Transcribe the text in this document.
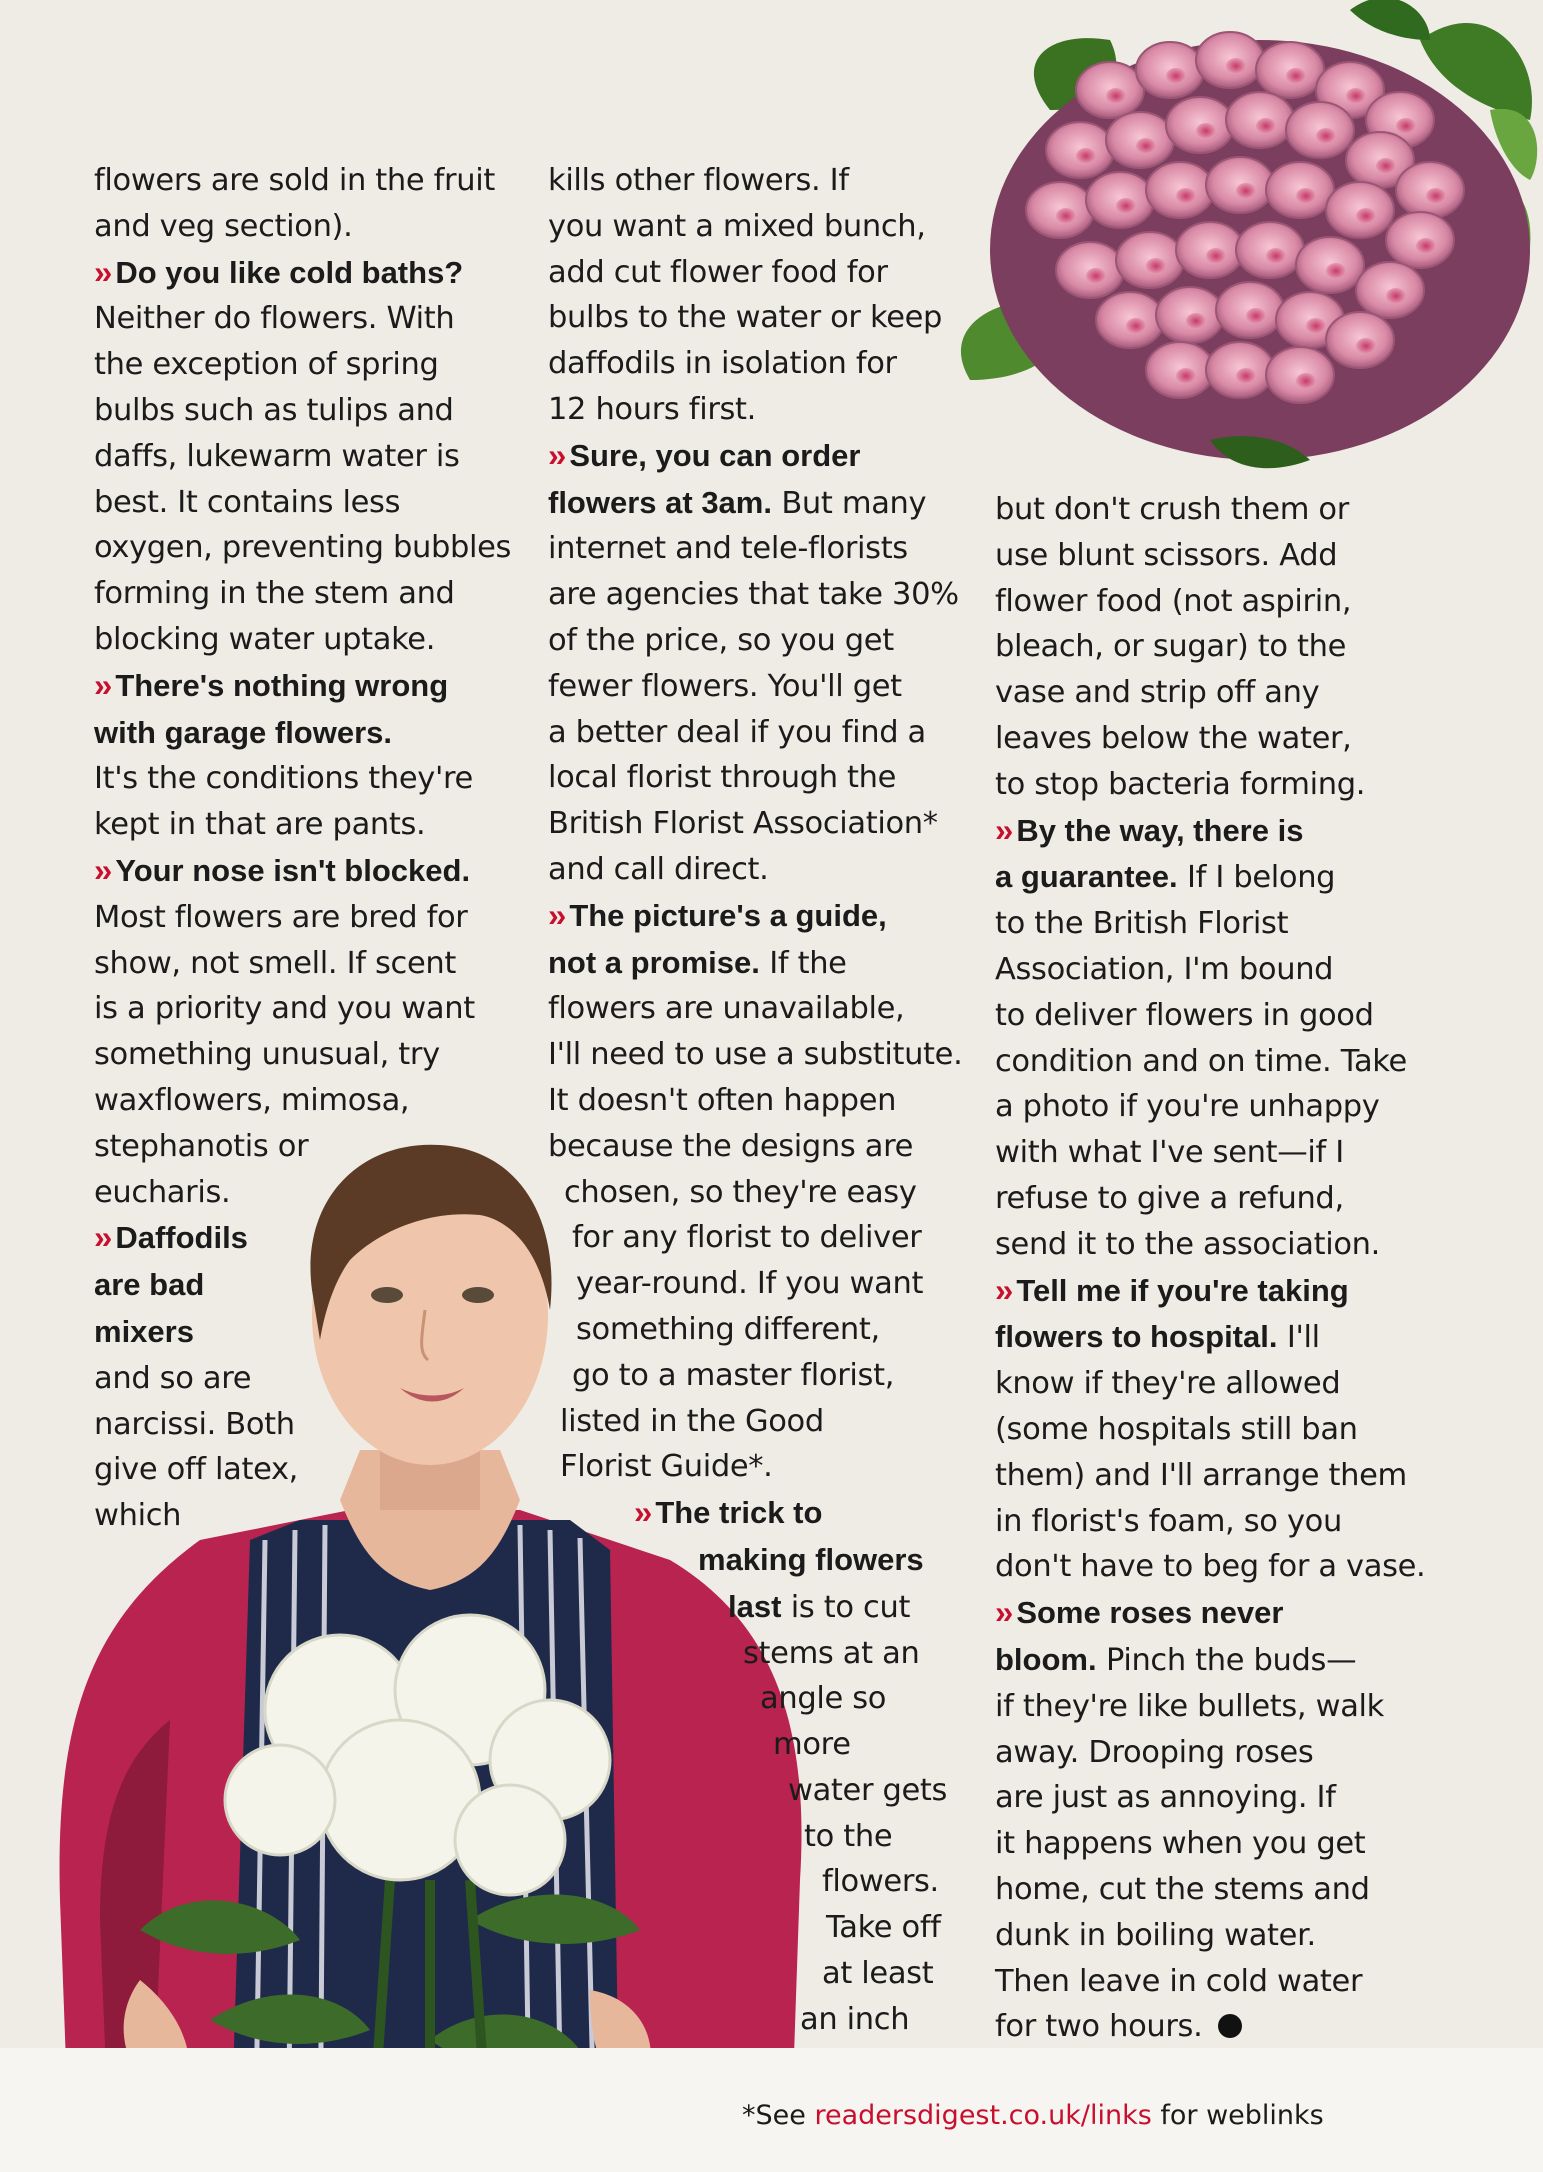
flowers are sold in the fruit
and veg section).
›› Do you like cold baths?
Neither do flowers. With
the exception of spring
bulbs such as tulips and
daffs, lukewarm water is
best. It contains less
oxygen, preventing bubbles
forming in the stem and
blocking water uptake.
›› There's nothing wrong
with garage flowers.
It's the conditions they're
kept in that are pants.
›› Your nose isn't blocked.
Most flowers are bred for
show, not smell. If scent
is a priority and you want
something unusual, try
waxflowers, mimosa,
stephanotis or
eucharis.
›› Daffodils
are bad
mixers
and so are
narcissi. Both
give off latex,
which
kills other flowers. If
you want a mixed bunch,
add cut flower food for
bulbs to the water or keep
daffodils in isolation for
12 hours first.
›› Sure, you can order
flowers at 3am. But many
internet and tele-florists
are agencies that take 30%
of the price, so you get
fewer flowers. You'll get
a better deal if you find a
local florist through the
British Florist Association*
and call direct.
›› The picture's a guide,
not a promise. If the
flowers are unavailable,
I'll need to use a substitute.
It doesn't often happen
because the designs are
chosen, so they're easy
for any florist to deliver
year-round. If you want
something different,
go to a master florist,
listed in the Good
Florist Guide*.
›› The trick to
making flowers
last is to cut
stems at an
angle so
more
water gets
to the
flowers.
Take off
at least
an inch
but don't crush them or
use blunt scissors. Add
flower food (not aspirin,
bleach, or sugar) to the
vase and strip off any
leaves below the water,
to stop bacteria forming.
›› By the way, there is
a guarantee. If I belong
to the British Florist
Association, I'm bound
to deliver flowers in good
condition and on time. Take
a photo if you're unhappy
with what I've sent—if I
refuse to give a refund,
send it to the association.
›› Tell me if you're taking
flowers to hospital. I'll
know if they're allowed
(some hospitals still ban
them) and I'll arrange them
in florist's foam, so you
don't have to beg for a vase.
›› Some roses never
bloom. Pinch the buds—
if they're like bullets, walk
away. Drooping roses
are just as annoying. If
it happens when you get
home, cut the stems and
dunk in boiling water.
Then leave in cold water
for two hours.
*See readersdigest.co.uk/links for weblinks
